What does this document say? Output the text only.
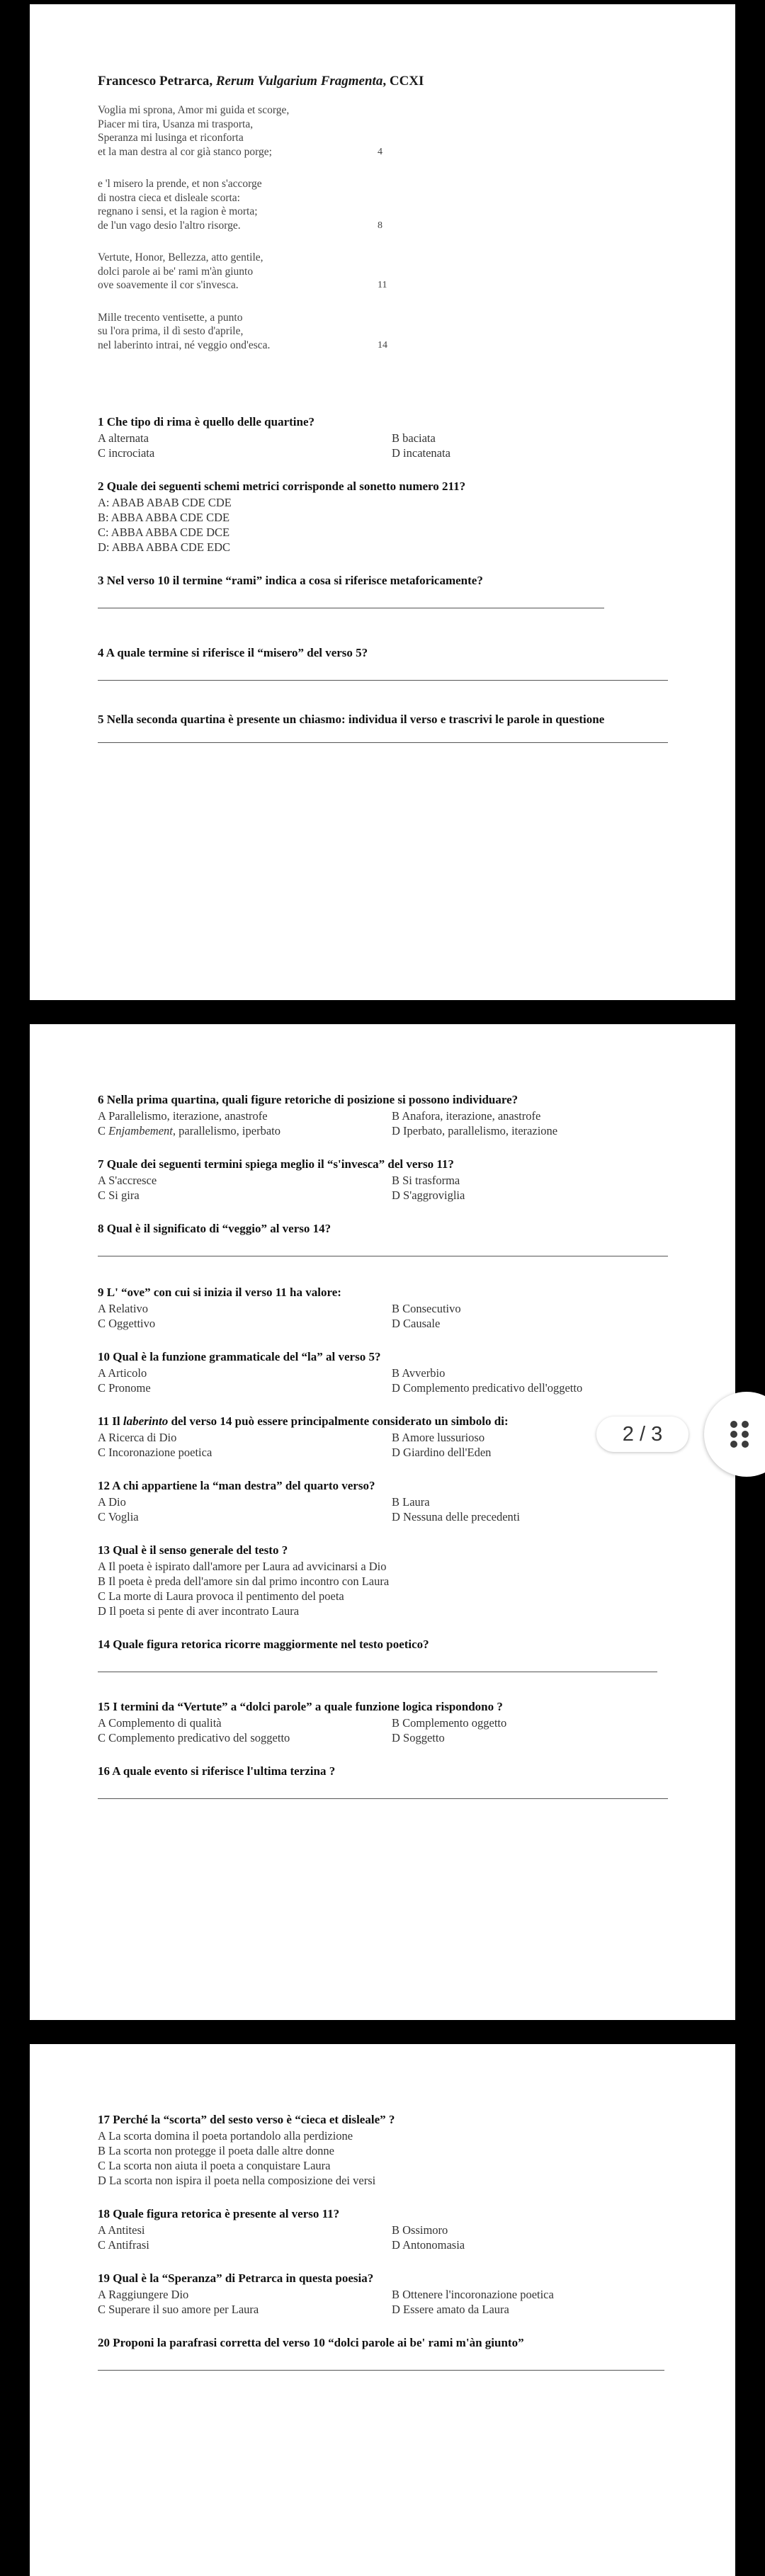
Francesco Petrarca, Rerum Vulgarium Fragmenta, CCXI
Voglia mi sprona, Amor mi guida et scorge,
Piacer mi tira, Usanza mi trasporta,
Speranza mi lusinga et riconforta
et la man destra al cor già stanco porge;	4
e 'l misero la prende, et non s'accorge
di nostra cieca et disleale scorta:
regnano i sensi, et la ragion è morta;
de l'un vago desio l'altro risorge.	8
Vertute, Honor, Bellezza, atto gentile,
dolci parole ai be' rami m'àn giunto
ove soavemente il cor s'invesca.	11
Mille trecento ventisette, a punto
su l'ora prima, il dì sesto d'aprile,
nel laberinto intrai, né veggio ond'esca.	14
1 Che tipo di rima è quello delle quartine?
A alternata	B baciata
C incrociata	D incatenata
2 Quale dei seguenti schemi metrici corrisponde al sonetto numero 211?
A: ABAB ABAB CDE CDE
B: ABBA ABBA CDE CDE
C: ABBA ABBA CDE DCE
D: ABBA ABBA CDE EDC
3 Nel verso 10 il termine “rami” indica a cosa si riferisce metaforicamente?
4 A quale termine si riferisce il “misero” del verso 5?
5 Nella seconda quartina è presente un chiasmo: individua il verso e trascrivi le parole in questione
6 Nella prima quartina, quali figure retoriche di posizione si possono individuare?
A Parallelismo, iterazione, anastrofe	B Anafora, iterazione, anastrofe
C Enjambement, parallelismo, iperbato	D Iperbato, parallelismo, iterazione
7 Quale dei seguenti termini spiega meglio il “s'invesca” del verso 11?
A S'accresce	B Si trasforma
C Si gira	D S'aggroviglia
8 Qual è il significato di “veggio” al verso 14?
9 L' “ove” con cui si inizia il verso 11 ha valore:
A Relativo	B Consecutivo
C Oggettivo	D Causale
10 Qual è la funzione grammaticale del “la” al verso 5?
A Articolo	B Avverbio
C Pronome	D Complemento predicativo dell'oggetto
11 Il laberinto del verso 14 può essere principalmente considerato un simbolo di:
A Ricerca di Dio	B Amore lussurioso
C Incoronazione poetica	D Giardino dell'Eden
12 A chi appartiene la “man destra” del quarto verso?
A Dio	B Laura
C Voglia	D Nessuna delle precedenti
13 Qual è il senso generale del testo ?
A Il poeta è ispirato dall'amore per Laura ad avvicinarsi a Dio
B Il poeta è preda dell'amore sin dal primo incontro con Laura
C La morte di Laura provoca il pentimento del poeta
D Il poeta si pente di aver incontrato Laura
14 Quale figura retorica ricorre maggiormente nel testo poetico?
15 I termini da “Vertute” a “dolci parole” a quale funzione logica rispondono ?
A Complemento di qualità	B Complemento oggetto
C Complemento predicativo del soggetto	D Soggetto
16 A quale evento si riferisce l'ultima terzina ?
17 Perché la “scorta” del sesto verso è “cieca et disleale” ?
A La scorta domina il poeta portandolo alla perdizione
B La scorta non protegge il poeta dalle altre donne
C La scorta non aiuta il poeta a conquistare Laura
D La scorta non ispira il poeta nella composizione dei versi
18 Quale figura retorica è presente al verso 11?
A Antitesi	B Ossimoro
C Antifrasi	D Antonomasia
19 Qual è la “Speranza” di Petrarca in questa poesia?
A Raggiungere Dio	B Ottenere l'incoronazione poetica
C Superare il suo amore per Laura	D Essere amato da Laura
20 Proponi la parafrasi corretta del verso 10 “dolci parole ai be' rami m'àn giunto”
2 / 3
